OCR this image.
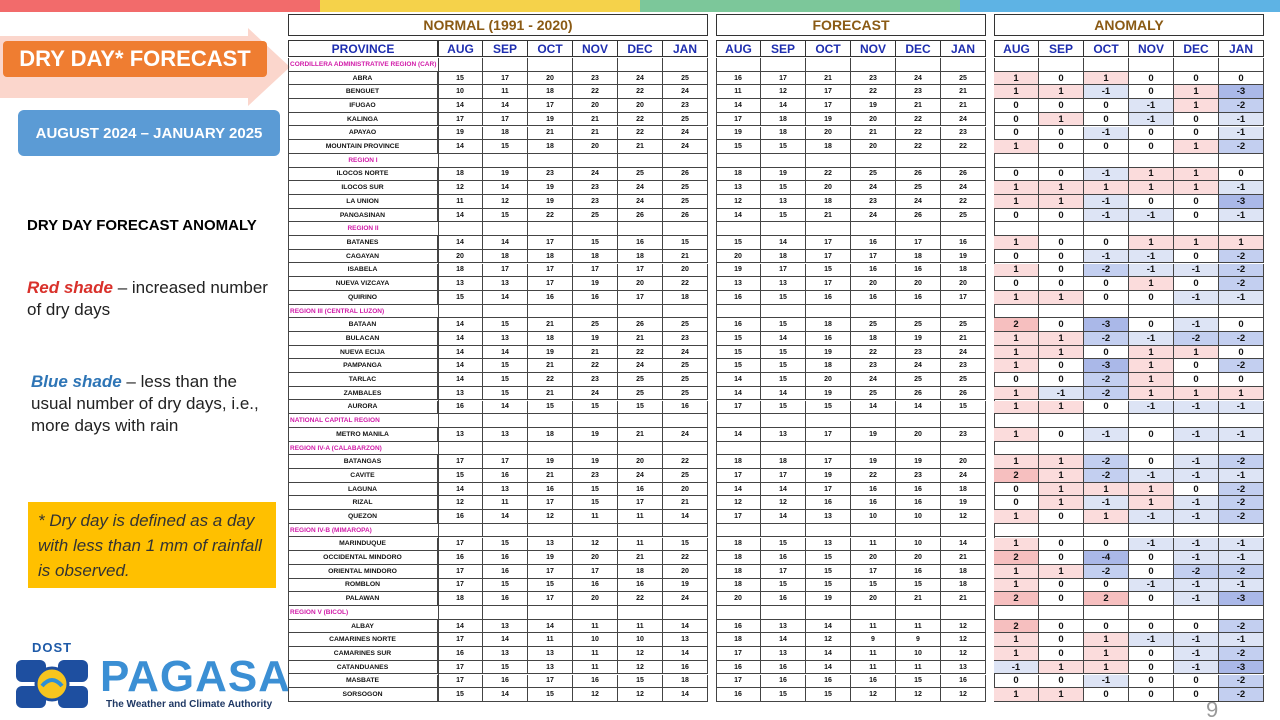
DRY DAY* FORECAST
AUGUST 2024 – JANUARY 2025
DRY DAY FORECAST ANOMALY
Red shade – increased number of dry days
Blue shade – less than the usual number of dry days, i.e., more days with rain
* Dry day is defined as a day with less than 1 mm of rainfall is observed.
DOST
PAGASA
The Weather and Climate Authority	9
NORMAL (1991 - 2020)	FORECAST	ANOMALY
PROVINCE	AUG	SEP	OCT	NOV	DEC	JAN	AUG	SEP	OCT	NOV	DEC	JAN	AUG	SEP	OCT	NOV	DEC	JAN
CORDILLERA ADMINISTRATIVE REGION (CAR)
ABRA	15	17	20	23	24	25	16	17	21	23	24	25	1	0	1	0	0	0
BENGUET	10	11	18	22	22	24	11	12	17	22	23	21	1	1	-1	0	1	-3
IFUGAO	14	14	17	20	20	23	14	14	17	19	21	21	0	0	0	-1	1	-2
KALINGA	17	17	19	21	22	25	17	18	19	20	22	24	0	1	0	-1	0	-1
APAYAO	19	18	21	21	22	24	19	18	20	21	22	23	0	0	-1	0	0	-1
MOUNTAIN PROVINCE	14	15	18	20	21	24	15	15	18	20	22	22	1	0	0	0	1	-2
REGION I
ILOCOS NORTE	18	19	23	24	25	26	18	19	22	25	26	26	0	0	-1	1	1	0
ILOCOS SUR	12	14	19	23	24	25	13	15	20	24	25	24	1	1	1	1	1	-1
LA UNION	11	12	19	23	24	25	12	13	18	23	24	22	1	1	-1	0	0	-3
PANGASINAN	14	15	22	25	26	26	14	15	21	24	26	25	0	0	-1	-1	0	-1
REGION II
BATANES	14	14	17	15	16	15	15	14	17	16	17	16	1	0	0	1	1	1
CAGAYAN	20	18	18	18	18	21	20	18	17	17	18	19	0	0	-1	-1	0	-2
ISABELA	18	17	17	17	17	20	19	17	15	16	16	18	1	0	-2	-1	-1	-2
NUEVA VIZCAYA	13	13	17	19	20	22	13	13	17	20	20	20	0	0	0	1	0	-2
QUIRINO	15	14	16	16	17	18	16	15	16	16	16	17	1	1	0	0	-1	-1
REGION III (CENTRAL LUZON)
BATAAN	14	15	21	25	26	25	16	15	18	25	25	25	2	0	-3	0	-1	0
BULACAN	14	13	18	19	21	23	15	14	16	18	19	21	1	1	-2	-1	-2	-2
NUEVA ECIJA	14	14	19	21	22	24	15	15	19	22	23	24	1	1	0	1	1	0
PAMPANGA	14	15	21	22	24	25	15	15	18	23	24	23	1	0	-3	1	0	-2
TARLAC	14	15	22	23	25	25	14	15	20	24	25	25	0	0	-2	1	0	0
ZAMBALES	13	15	21	24	25	25	14	14	19	25	26	26	1	-1	-2	1	1	1
AURORA	16	14	15	15	15	16	17	15	15	14	14	15	1	1	0	-1	-1	-1
NATIONAL CAPITAL REGION
METRO MANILA	13	13	18	19	21	24	14	13	17	19	20	23	1	0	-1	0	-1	-1
REGION IV-A (CALABARZON)
BATANGAS	17	17	19	19	20	22	18	18	17	19	19	20	1	1	-2	0	-1	-2
CAVITE	15	16	21	23	24	25	17	17	19	22	23	24	2	1	-2	-1	-1	-1
LAGUNA	14	13	16	15	16	20	14	14	17	16	16	18	0	1	1	1	0	-2
RIZAL	12	11	17	15	17	21	12	12	16	16	16	19	0	1	-1	1	-1	-2
QUEZON	16	14	12	11	11	14	17	14	13	10	10	12	1	0	1	-1	-1	-2
REGION IV-B (MIMAROPA)
MARINDUQUE	17	15	13	12	11	15	18	15	13	11	10	14	1	0	0	-1	-1	-1
OCCIDENTAL MINDORO	16	16	19	20	21	22	18	16	15	20	20	21	2	0	-4	0	-1	-1
ORIENTAL MINDORO	17	16	17	17	18	20	18	17	15	17	16	18	1	1	-2	0	-2	-2
ROMBLON	17	15	15	16	16	19	18	15	15	15	15	18	1	0	0	-1	-1	-1
PALAWAN	18	16	17	20	22	24	20	16	19	20	21	21	2	0	2	0	-1	-3
REGION V (BICOL)
ALBAY	14	13	14	11	11	14	16	13	14	11	11	12	2	0	0	0	0	-2
CAMARINES NORTE	17	14	11	10	10	13	18	14	12	9	9	12	1	0	1	-1	-1	-1
CAMARINES SUR	16	13	13	11	12	14	17	13	14	11	10	12	1	0	1	0	-1	-2
CATANDUANES	17	15	13	11	12	16	16	16	14	11	11	13	-1	1	1	0	-1	-3
MASBATE	17	16	17	16	15	18	17	16	16	16	15	16	0	0	-1	0	0	-2
SORSOGON	15	14	15	12	12	14	16	15	15	12	12	12	1	1	0	0	0	-2
